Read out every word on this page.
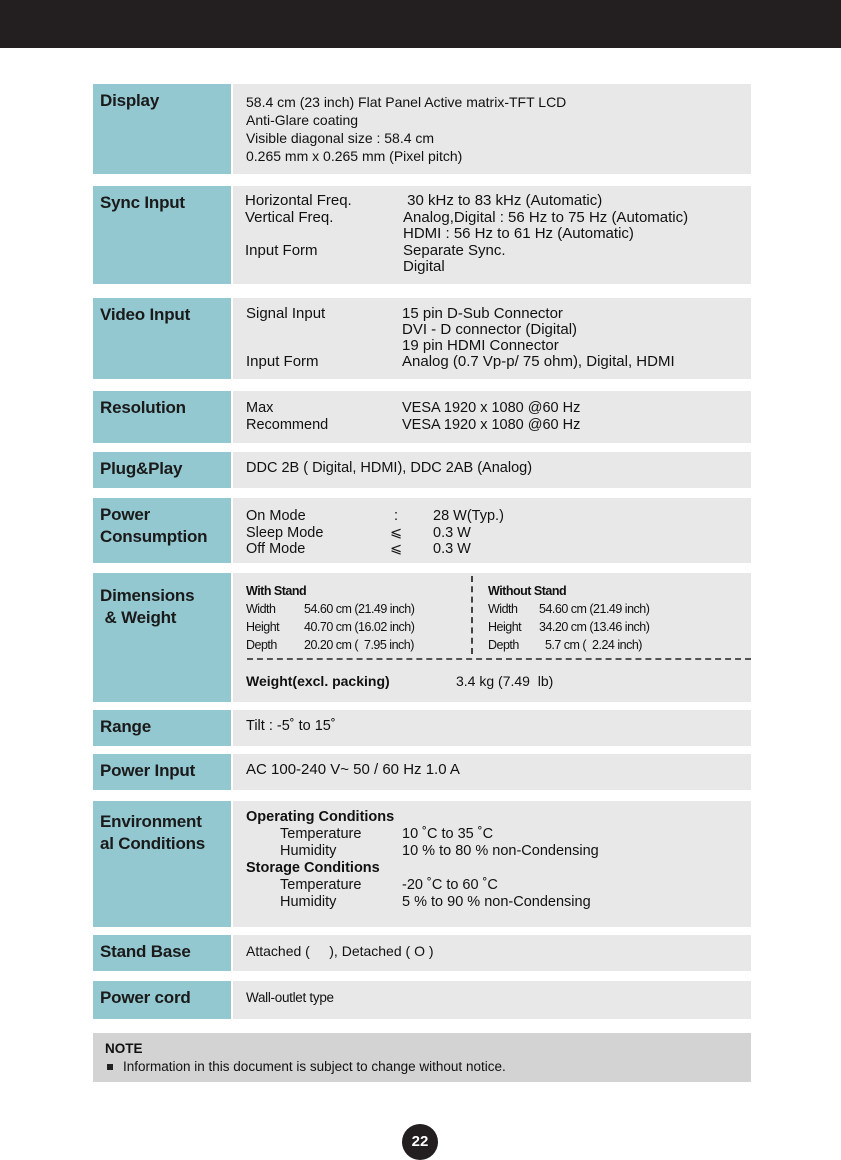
Display	58.4 cm (23 inch) Flat Panel Active matrix-TFT LCD
Anti-Glare coating
Visible diagonal size : 58.4 cm
0.265 mm x 0.265 mm (Pixel pitch)
Sync Input	Horizontal Freq.	30 kHz to 83 kHz (Automatic)
Vertical Freq.	Analog,Digital : 56 Hz to 75 Hz (Automatic)
HDMI : 56 Hz to 61 Hz (Automatic)
Input Form	Separate Sync.
Digital
Video Input	Signal Input	15 pin D-Sub Connector
DVI - D connector (Digital)
19 pin HDMI Connector
Input Form	Analog (0.7 Vp-p/ 75 ohm), Digital, HDMI
Resolution	Max	VESA 1920 x 1080 @60 Hz
Recommend	VESA 1920 x 1080 @60 Hz
Plug&Play	DDC 2B ( Digital, HDMI), DDC 2AB (Analog)
Power
Consumption
On Mode	:	28 W(Typ.)
Sleep Mode	⩽	0.3 W
Off Mode	⩽	0.3 W
Dimensions
& Weight
With Stand
Width	54.60 cm (21.49 inch)
Height	40.70 cm (16.02 inch)
Depth	20.20 cm (  7.95 inch)
Without Stand
Width	54.60 cm (21.49 inch)
Height	34.20 cm (13.46 inch)
Depth	5.7 cm (  2.24 inch)
Weight(excl. packing)	3.4 kg (7.49  lb)
Range	Tilt : -5˚ to 15˚
Power Input	AC 100-240 V~ 50 / 60 Hz 1.0 A
Environment
al Conditions
Operating Conditions
Temperature	10 ˚C to 35 ˚C
Humidity	10 % to 80 % non-Condensing
Storage Conditions
Temperature	-20 ˚C to 60 ˚C
Humidity	5 % to 90 % non-Condensing
Stand Base	Attached (     ), Detached ( O )
Power cord	Wall-outlet type
NOTE
Information in this document is subject to change without notice.
22
